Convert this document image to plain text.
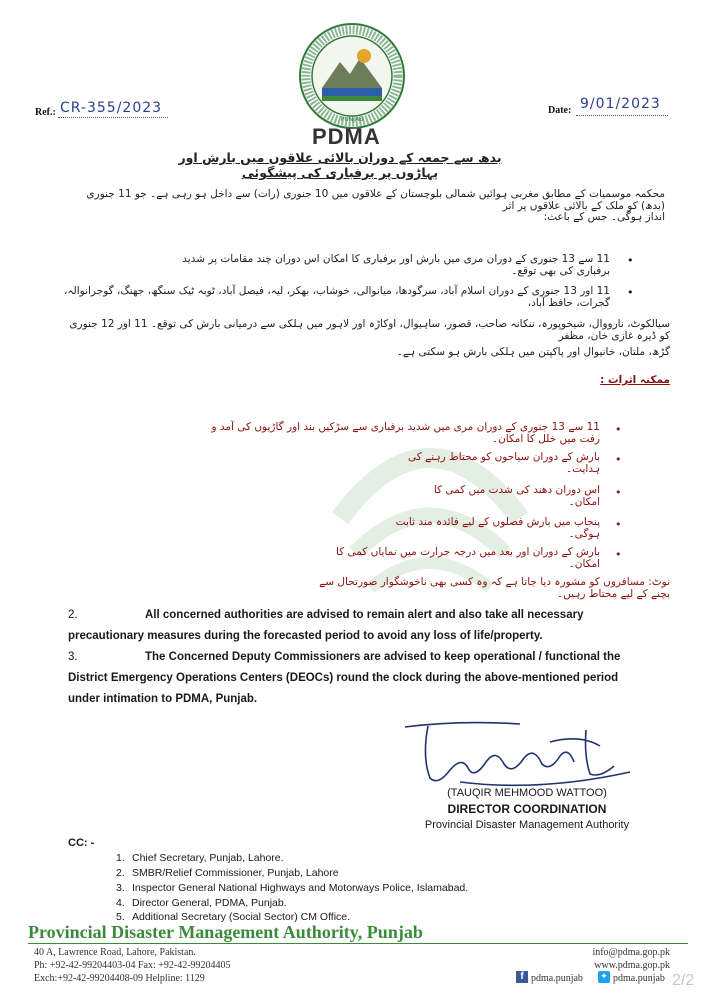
PUNJAB
PDMA
Ref.: CR-355/2023	Date: 9/01/2023
بدھ سے جمعہ کے دوران بالائی علاقوں میں بارش اور پہاڑوں پر برفباری کی پیشگوئی
محکمہ موسمیات کے مطابق مغربی ہوائیں شمالی بلوچستان کے علاقوں میں 10 جنوری (رات) سے داخل ہو رہی ہے۔ جو 11 جنوری (بدھ) کو ملک کے بالائی علاقوں پر اثر
انداز ہوگی۔ جس کے باعث:
•
11 سے 13 جنوری کے دوران مری میں بارش اور برفباری کا امکان اس دوران چند مقامات پر شدید برفباری کی بھی توقع۔
•
11 اور 13 جنوری کے دوران اسلام آباد، سرگودھا، میانوالی، خوشاب، بھکر، لیہ، فیصل آباد، ٹوبہ ٹیک سنگھ، جھنگ، گوجرانوالہ، گجرات، حافظ آباد،
سیالکوٹ، نارووال، شیخوپورہ، ننکانہ صاحب، قصور، ساہیوال، اوکاڑہ اور لاہور میں ہلکی سے درمیانی بارش کی توقع۔ 11 اور 12 جنوری کو ڈیرہ غازی خان، مظفر
گڑھ، ملتان، خانیوال اور پاکپتن میں ہلکی بارش ہو سکتی ہے۔
ممکنہ اثرات :
•
11 سے 13 جنوری کے دوران مری میں شدید برفباری سے سڑکیں بند اور گاڑیوں کی آمد و رفت میں خلل کا امکان۔
•
بارش کے دوران سیاحوں کو محتاط رہنے کی ہدایت۔
•
اس دوران دھند کی شدت میں کمی کا امکان۔
•
پنجاب میں بارش فصلوں کے لیے فائدہ مند ثابت ہوگی۔
•
بارش کے دوران اور بعد میں درجہ حرارت میں نمایاں کمی کا امکان۔
نوٹ: مسافروں کو مشورہ دیا جاتا ہے کہ وہ کسی بھی ناخوشگوار صورتحال سے بچنے کے لیے محتاط رہیں۔
2.	All concerned authorities are advised to remain alert and also take all necessary
precautionary measures during the forecasted period to avoid any loss of life/property.
3.	The Concerned Deputy Commissioners are advised to keep operational / functional the
District Emergency Operations Centers (DEOCs) round the clock during the above-mentioned period
under intimation to PDMA, Punjab.
(TAUQIR MEHMOOD WATTOO)
DIRECTOR COORDINATION
Provincial Disaster Management Authority
CC: -
1. Chief Secretary, Punjab, Lahore.
2. SMBR/Relief Commissioner, Punjab, Lahore
3. Inspector General National Highways and Motorways Police, Islamabad.
4. Director General, PDMA, Punjab.
5. Additional Secretary (Social Sector) CM Office.
Provincial Disaster Management Authority, Punjab
40 A, Lawrence Road, Lahore, Pakistan.
Ph: +92-42-99204403-04 Fax: +92-42-99204405
Exch:+92-42-99204408-09 Helpline: 1129
info@pdma.gop.pk
www.pdma.gop.pk
f pdma.punjab ✦ pdma.punjab 2/2
